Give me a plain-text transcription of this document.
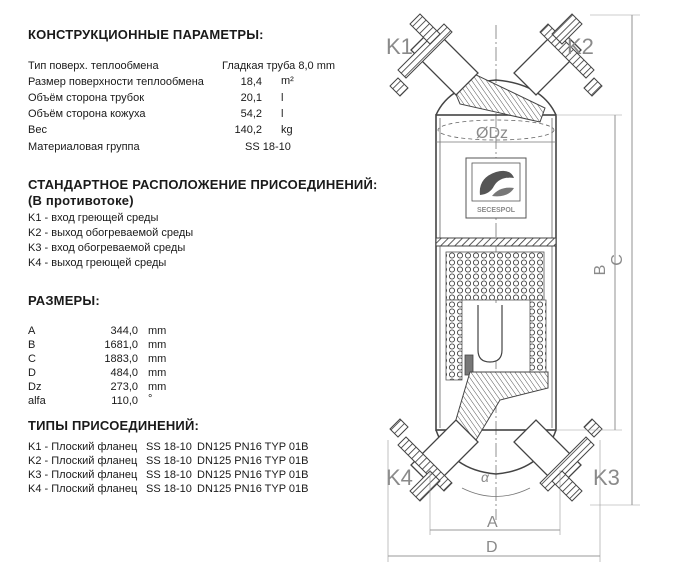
КОНСТРУКЦИОННЫЕ ПАРАМЕТРЫ:
Тип поверх. теплообмена	Гладкая труба 8,0 mm
Размер поверхности теплообмена	18,4 m²
Объём сторона трубок	20,1 l
Объём сторона кожуха	54,2 l
Вес	140,2 kg
Материаловая группа	SS 18-10
СТАНДАРТНОЕ РАСПОЛОЖЕНИЕ ПРИСОЕДИНЕНИЙ:
(В противотоке)
K1 - вход греющей среды
K2 - выход обогреваемой среды
K3 - вход обогреваемой среды
K4 - выход греющей среды
РАЗМЕРЫ:
A	344,0 mm
B	1681,0 mm
C	1883,0 mm
D	484,0 mm
Dz	273,0 mm
alfa	110,0 °
ТИПЫ ПРИСОЕДИНЕНИЙ:
K1 - Плоский фланец SS 18-10 DN125 PN16 TYP 01B
K2 - Плоский фланец SS 18-10 DN125 PN16 TYP 01B
K3 - Плоский фланец SS 18-10 DN125 PN16 TYP 01B
K4 - Плоский фланец SS 18-10 DN125 PN16 TYP 01B
SECESPOL
K1	K2
K4	K3
ØDz
B
C
A
D
α
